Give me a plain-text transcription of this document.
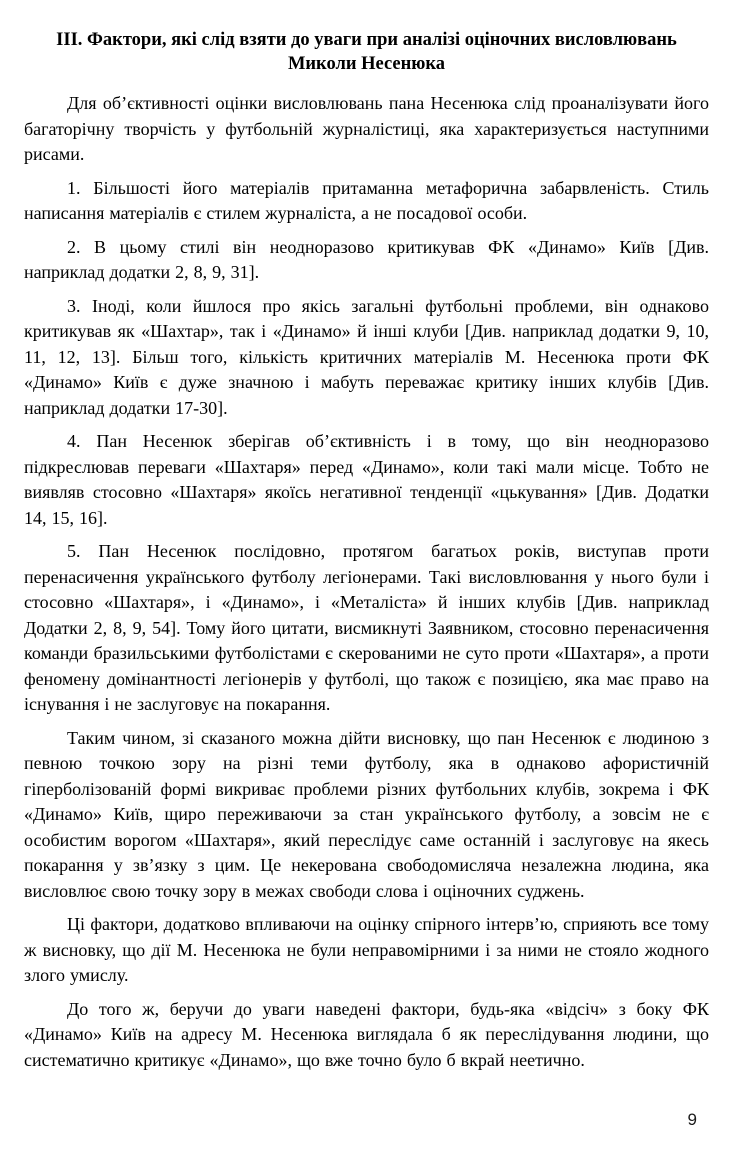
III. Фактори, які слід взяти до уваги при аналізі оціночних висловлювань Миколи Несенюка

Для об’єктивності оцінки висловлювань пана Несенюка слід проаналізувати його багаторічну творчість у футбольній журналістиці, яка характеризується наступними рисами.

1. Більшості його матеріалів притаманна метафорична забарвленість. Стиль написання матеріалів є стилем журналіста, а не посадової особи.

2. В цьому стилі він неодноразово критикував ФК «Динамо» Київ [Див. наприклад додатки 2, 8, 9, 31].

3. Іноді, коли йшлося про якісь загальні футбольні проблеми, він однаково критикував як «Шахтар», так і «Динамо» й інші клуби [Див. наприклад додатки 9, 10, 11, 12, 13]. Більш того, кількість критичних матеріалів М. Несенюка проти ФК «Динамо» Київ є дуже значною і мабуть переважає критику інших клубів [Див. наприклад додатки 17-30].

4. Пан Несенюк зберігав об’єктивність і в тому, що він неодноразово підкреслював переваги «Шахтаря» перед «Динамо», коли такі мали місце. Тобто не виявляв стосовно «Шахтаря» якоїсь негативної тенденції «цькування» [Див. Додатки 14, 15, 16].

5. Пан Несенюк послідовно, протягом багатьох років, виступав проти перенасичення українського футболу легіонерами. Такі висловлювання у нього були і стосовно «Шахтаря», і «Динамо», і «Металіста» й інших клубів [Див. наприклад Додатки 2, 8, 9, 54]. Тому його цитати, висмикнуті Заявником, стосовно перенасичення команди бразильськими футболістами є скерованими не суто проти «Шахтаря», а проти феномену домінантності легіонерів у футболі, що також є позицією, яка має право на існування і не заслуговує на покарання.

Таким чином, зі сказаного можна дійти висновку, що пан Несенюк є людиною з певною точкою зору на різні теми футболу, яка в однаково афористичній гіперболізованій формі викриває проблеми різних футбольних клубів, зокрема і ФК «Динамо» Київ, щиро переживаючи за стан українського футболу, а зовсім не є особистим ворогом «Шахтаря», який переслідує саме останній і заслуговує на якесь покарання у зв’язку з цим. Це некерована свободомисляча незалежна людина, яка висловлює свою точку зору в межах свободи слова і оціночних суджень.

Ці фактори, додатково впливаючи на оцінку спірного інтерв’ю, сприяють все тому ж висновку, що дії М. Несенюка не були неправомірними і за ними не стояло жодного злого умислу.

До того ж, беручи до уваги наведені фактори, будь-яка «відсіч» з боку ФК «Динамо» Київ на адресу М. Несенюка виглядала б як переслідування людини, що систематично критикує «Динамо», що вже точно було б вкрай неетично.

9
